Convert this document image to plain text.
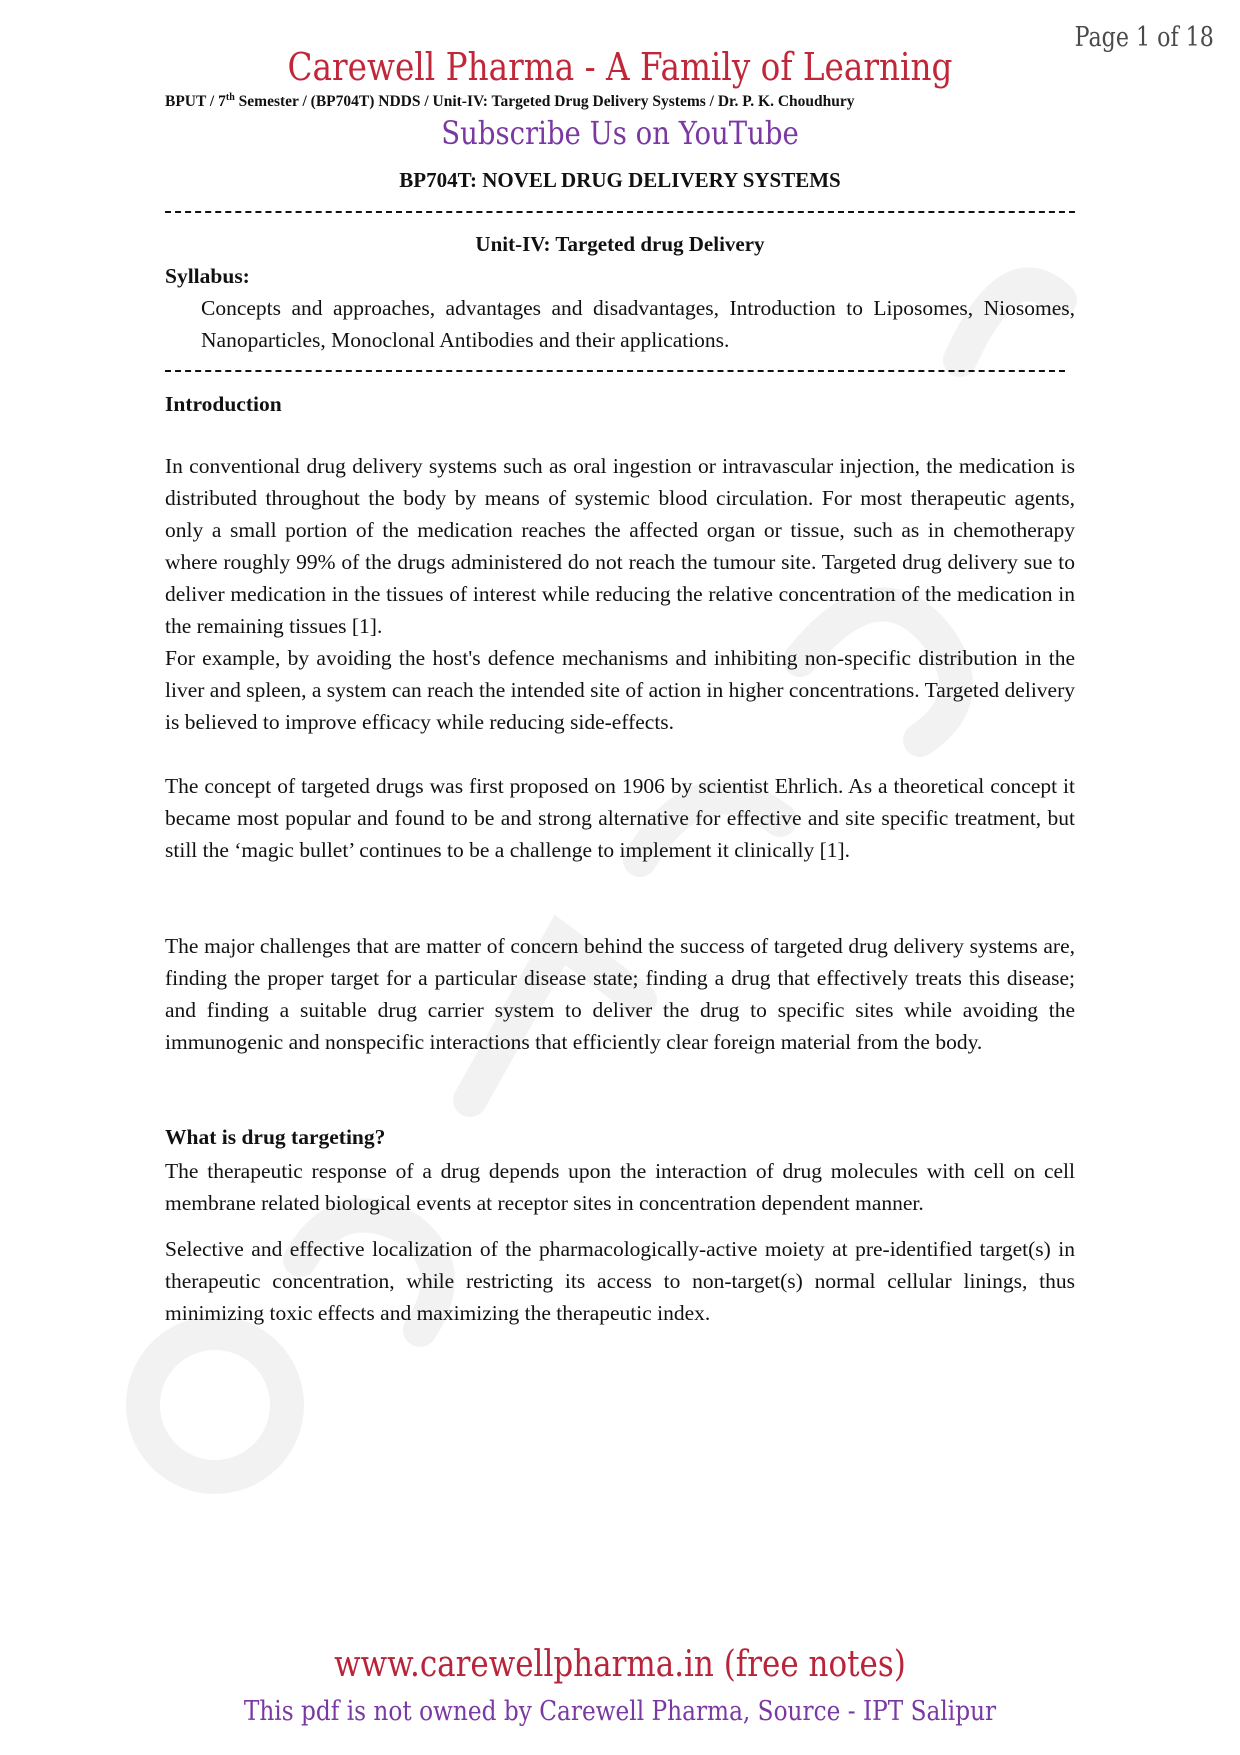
Page 1 of 18
Carewell Pharma - A Family of Learning
BPUT / 7th Semester / (BP704T) NDDS / Unit-IV: Targeted Drug Delivery Systems / Dr. P. K. Choudhury
Subscribe Us on YouTube
BP704T: NOVEL DRUG DELIVERY SYSTEMS
Unit-IV: Targeted drug Delivery
Syllabus:

Concepts and approaches, advantages and disadvantages, Introduction to Liposomes, Niosomes, Nanoparticles, Monoclonal Antibodies and their applications.

Introduction

In conventional drug delivery systems such as oral ingestion or intravascular injection, the medication is distributed throughout the body by means of systemic blood circulation. For most therapeutic agents, only a small portion of the medication reaches the affected organ or tissue, such as in chemotherapy where roughly 99% of the drugs administered do not reach the tumour site. Targeted drug delivery sue to deliver medication in the tissues of interest while reducing the relative concentration of the medication in the remaining tissues [1].

For example, by avoiding the host's defence mechanisms and inhibiting non-specific distribution in the liver and spleen, a system can reach the intended site of action in higher concentrations. Targeted delivery is believed to improve efficacy while reducing side-effects.

The concept of targeted drugs was first proposed on 1906 by scientist Ehrlich. As a theoretical concept it became most popular and found to be and strong alternative for effective and site specific treatment, but still the ‘magic bullet’ continues to be a challenge to implement it clinically [1].

The major challenges that are matter of concern behind the success of targeted drug delivery systems are, finding the proper target for a particular disease state; finding a drug that effectively treats this disease; and finding a suitable drug carrier system to deliver the drug to specific sites while avoiding the immunogenic and nonspecific interactions that efficiently clear foreign material from the body.

What is drug targeting?

The therapeutic response of a drug depends upon the interaction of drug molecules with cell on cell membrane related biological events at receptor sites in concentration dependent manner.

Selective and effective localization of the pharmacologically-active moiety at pre-identified target(s) in therapeutic concentration, while restricting its access to non-target(s) normal cellular linings, thus minimizing toxic effects and maximizing the therapeutic index.

www.carewellpharma.in (free notes)
This pdf is not owned by Carewell Pharma, Source - IPT Salipur
